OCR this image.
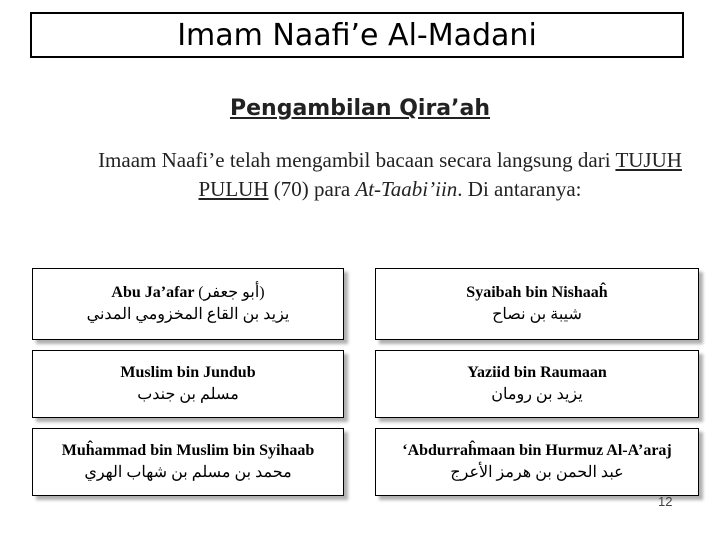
Imam Naafi’e Al-Madani
Pengambilan Qira’ah
Imaam Naafi’e telah mengambil bacaan secara langsung dari TUJUH PULUH (70) para At-Taabi’iin. Di antaranya:
Abu Ja’afar (أبو جعفر)
يزيد بن القاع المخزومي المدني
Syaibah bin Nishaaĥ
شيبة بن نصاح
Muslim bin Jundub
مسلم بن جندب
Yaziid bin Raumaan
يزيد بن رومان
Muĥammad bin Muslim bin Syihaab
محمد بن مسلم بن شهاب الهري
‘Abdurraĥmaan bin Hurmuz Al-A’araj
عبد الحمن بن هرمز الأعرج
12
